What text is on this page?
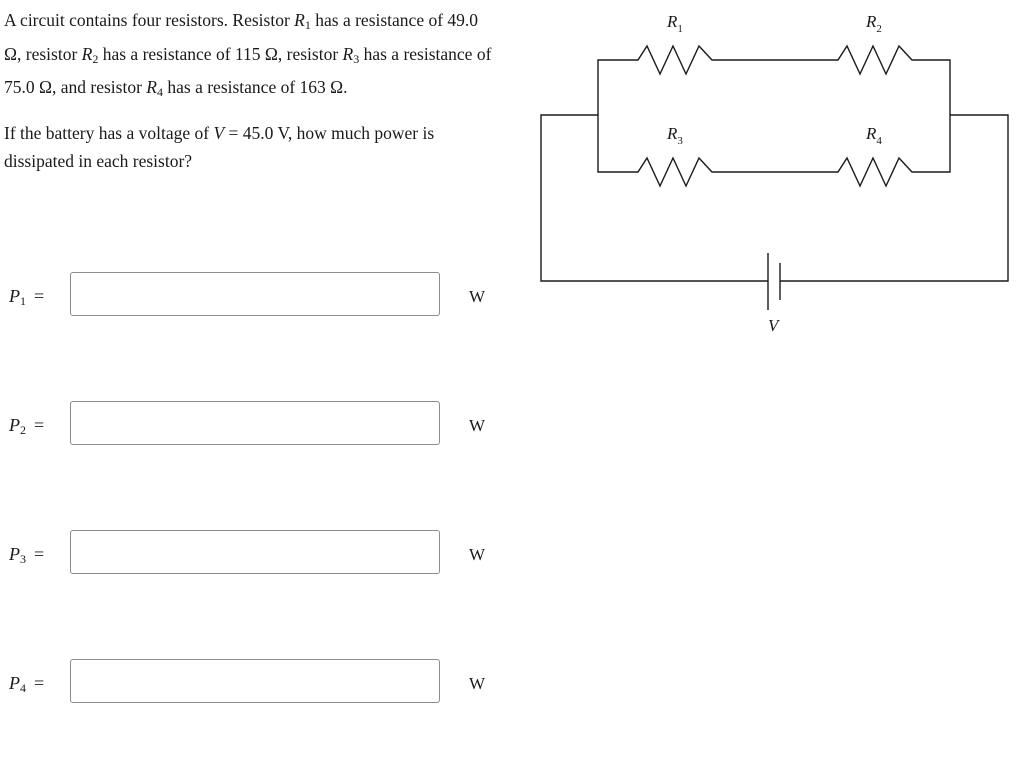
A circuit contains four resistors. Resistor $R_1$ has a resistance of 49.0 Ω, resistor $R_2$ has a resistance of 115 Ω, resistor $R_3$ has a resistance of 75.0 Ω, and resistor $R_4$ has a resistance of 163 Ω.

If the battery has a voltage of V = 45.0 V, how much power is dissipated in each resistor?

$P_1$ =	W
$P_2$ =	W
$P_3$ =	W
$P_4$ =	W
$R_1$	$R_2$
$R_3$	$R_4$
V
